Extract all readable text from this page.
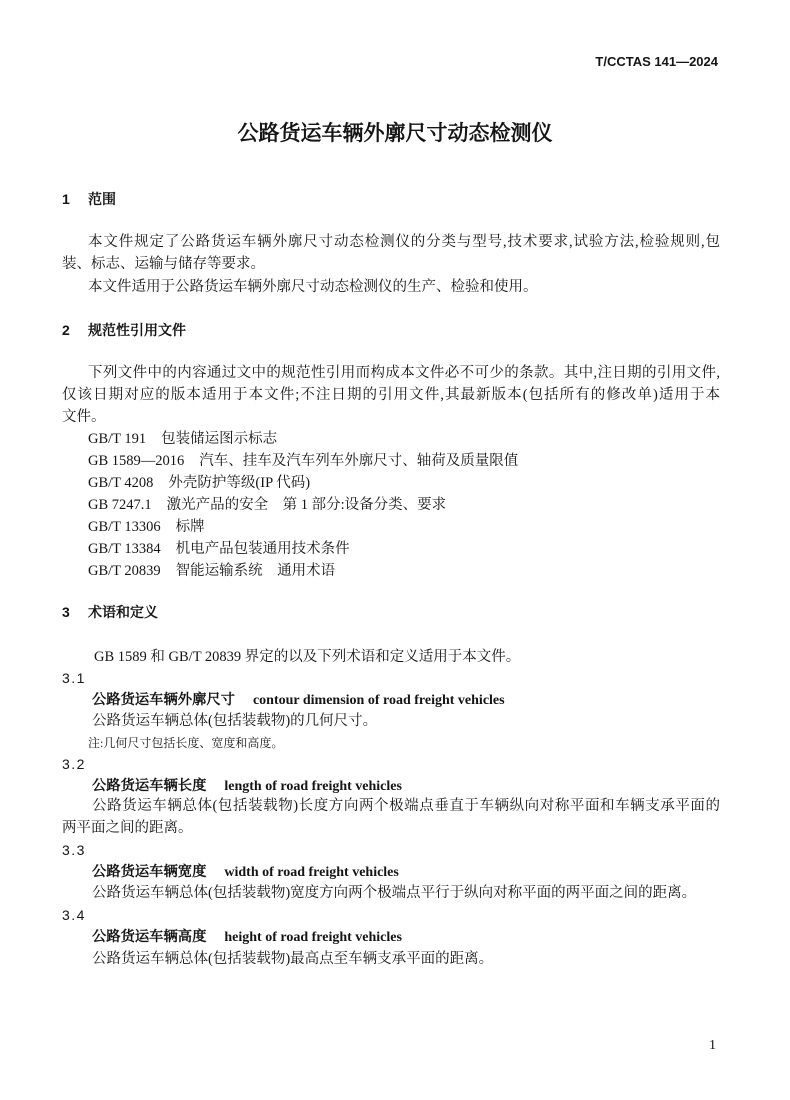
T/CCTAS 141—2024
公路货运车辆外廓尺寸动态检测仪
1 范围
本文件规定了公路货运车辆外廓尺寸动态检测仪的分类与型号,技术要求,试验方法,检验规则,包
装、标志、运输与储存等要求。
本文件适用于公路货运车辆外廓尺寸动态检测仪的生产、检验和使用。
2 规范性引用文件
下列文件中的内容通过文中的规范性引用而构成本文件必不可少的条款。其中,注日期的引用文件,
仅该日期对应的版本适用于本文件;不注日期的引用文件,其最新版本(包括所有的修改单)适用于本
文件。
GB/T 191 包装储运图示标志
GB 1589—2016 汽车、挂车及汽车列车外廓尺寸、轴荷及质量限值
GB/T 4208 外壳防护等级(IP 代码)
GB 7247.1 激光产品的安全　第 1 部分:设备分类、要求
GB/T 13306 标牌
GB/T 13384 机电产品包装通用技术条件
GB/T 20839 智能运输系统　通用术语
3 术语和定义
GB 1589 和 GB/T 20839 界定的以及下列术语和定义适用于本文件。
3.1
公路货运车辆外廓尺寸 contour dimension of road freight vehicles
公路货运车辆总体(包括装载物)的几何尺寸。
注:几何尺寸包括长度、宽度和高度。
3.2
公路货运车辆长度 length of road freight vehicles
公路货运车辆总体(包括装载物)长度方向两个极端点垂直于车辆纵向对称平面和车辆支承平面的
两平面之间的距离。
3.3
公路货运车辆宽度 width of road freight vehicles
公路货运车辆总体(包括装载物)宽度方向两个极端点平行于纵向对称平面的两平面之间的距离。
3.4
公路货运车辆高度 height of road freight vehicles
公路货运车辆总体(包括装载物)最高点至车辆支承平面的距离。
1
